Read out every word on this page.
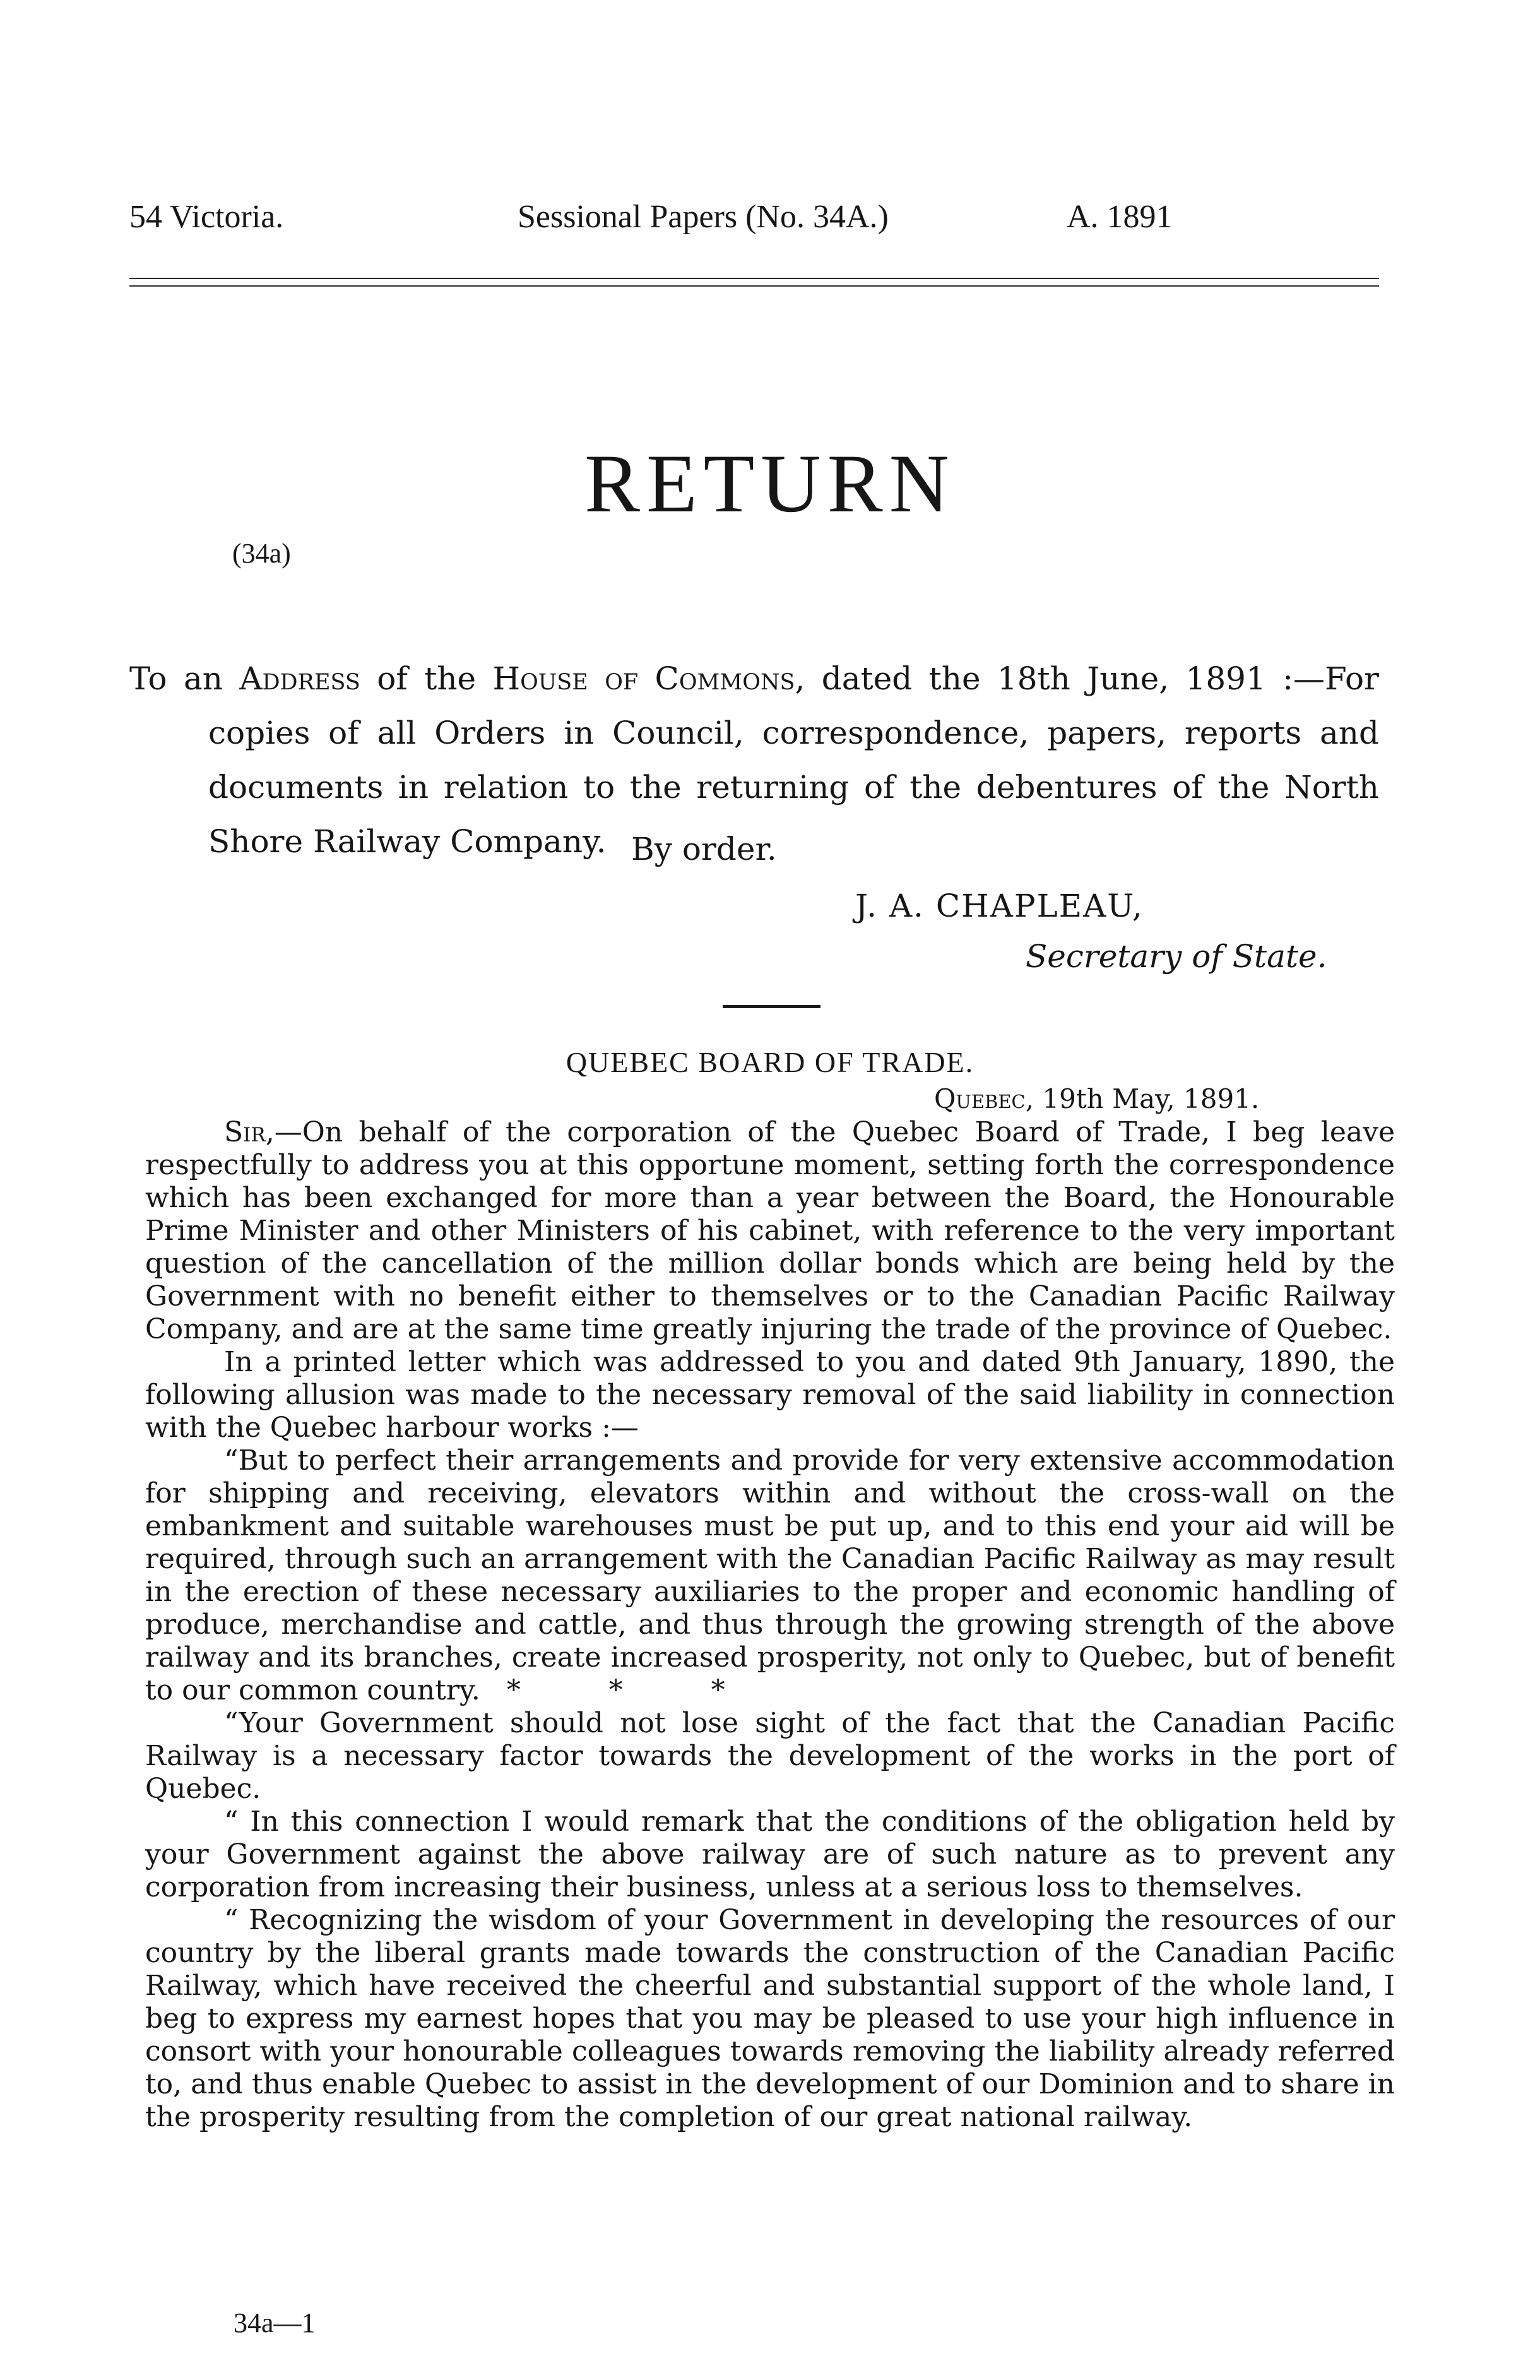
54 Victoria.	Sessional Papers (No. 34A.)	A. 1891
RETURN
(34a)
To an Address of the House of Commons, dated the 18th June, 1891 :—For copies of all Orders in Council, correspondence, papers, reports and documents in relation to the returning of the debentures of the North Shore Railway Company. By order.
J. A. CHAPLEAU,
Secretary of State.
QUEBEC BOARD OF TRADE.
Quebec, 19th May, 1891.

Sir,—On behalf of the corporation of the Quebec Board of Trade, I beg leave respectfully to address you at this opportune moment, setting forth the correspondence which has been exchanged for more than a year between the Board, the Honourable Prime Minister and other Ministers of his cabinet, with reference to the very important question of the cancellation of the million dollar bonds which are being held by the Government with no benefit either to themselves or to the Canadian Pacific Railway Company, and are at the same time greatly injuring the trade of the province of Quebec.

In a printed letter which was addressed to you and dated 9th January, 1890, the following allusion was made to the necessary removal of the said liability in connection with the Quebec harbour works :—

“But to perfect their arrangements and provide for very extensive accommodation for shipping and receiving, elevators within and without the cross-wall on the embankment and suitable warehouses must be put up, and to this end your aid will be required, through such an arrangement with the Canadian Pacific Railway as may result in the erection of these necessary auxiliaries to the proper and economic handling of produce, merchandise and cattle, and thus through the growing strength of the above railway and its branches, create increased prosperity, not only to Quebec, but of benefit to our common country.   *          *          *

“Your Government should not lose sight of the fact that the Canadian Pacific Railway is a necessary factor towards the development of the works in the port of Quebec.

“ In this connection I would remark that the conditions of the obligation held by your Government against the above railway are of such nature as to prevent any corporation from increasing their business, unless at a serious loss to themselves.

“ Recognizing the wisdom of your Government in developing the resources of our country by the liberal grants made towards the construction of the Canadian Pacific Railway, which have received the cheerful and substantial support of the whole land, I beg to express my earnest hopes that you may be pleased to use your high influence in consort with your honourable colleagues towards removing the liability already referred to, and thus enable Quebec to assist in the development of our Dominion and to share in the prosperity resulting from the completion of our great national railway.

34a—1
